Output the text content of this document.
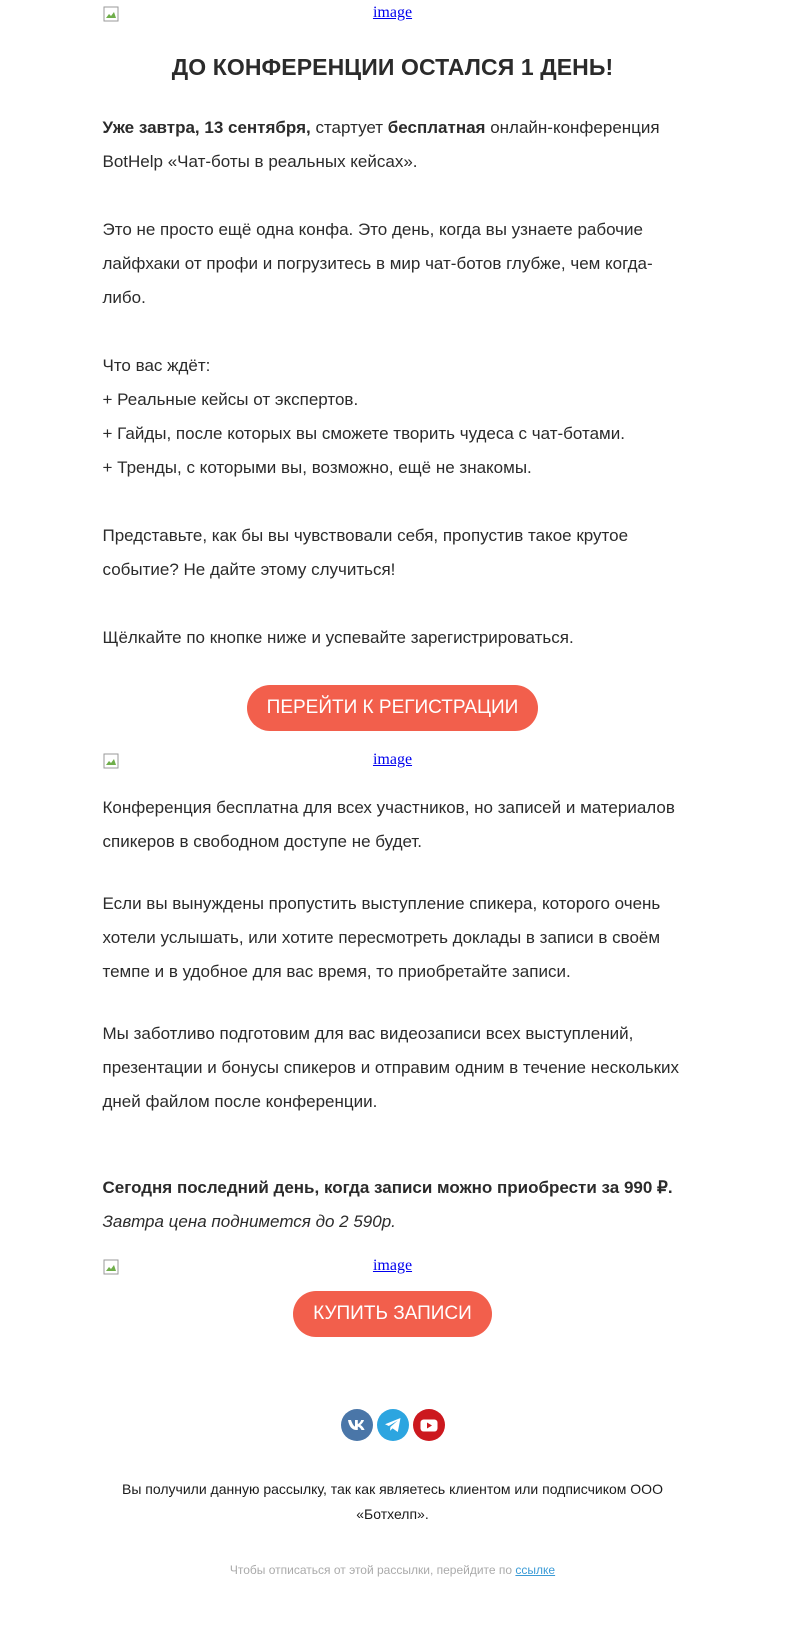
image
ДО КОНФЕРЕНЦИИ ОСТАЛСЯ 1 ДЕНЬ!

Уже завтра, 13 сентября, стартует бесплатная онлайн-конференция BotHelp «Чат-боты в реальных кейсах».

Это не просто ещё одна конфа. Это день, когда вы узнаете рабочие лайфхаки от профи и погрузитесь в мир чат-ботов глубже, чем когда-либо.

Что вас ждёт:

+ Реальные кейсы от экспертов.

+ Гайды, после которых вы сможете творить чудеса с чат-ботами.

+ Тренды, с которыми вы, возможно, ещё не знакомы.

Представьте, как бы вы чувствовали себя, пропустив такое крутое событие? Не дайте этому случиться!

Щёлкайте по кнопке ниже и успевайте зарегистрироваться.

ПЕРЕЙТИ К РЕГИСТРАЦИИ
image

Конференция бесплатна для всех участников, но записей и материалов спикеров в свободном доступе не будет.

Если вы вынуждены пропустить выступление спикера, которого очень хотели услышать, или хотите пересмотреть доклады в записи в своём темпе и в удобное для вас время, то приобретайте записи.

Мы заботливо подготовим для вас видеозаписи всех выступлений, презентации и бонусы спикеров и отправим одним в течение нескольких дней файлом после конференции.

Сегодня последний день, когда записи можно приобрести за 990 ₽.

Завтра цена поднимется до 2 590р.

image
КУПИТЬ ЗАПИСИ
Вы получили данную рассылку, так как являетесь клиентом или подписчиком ООО «Ботхелп».
Чтобы отписаться от этой рассылки, перейдите по ссылке
